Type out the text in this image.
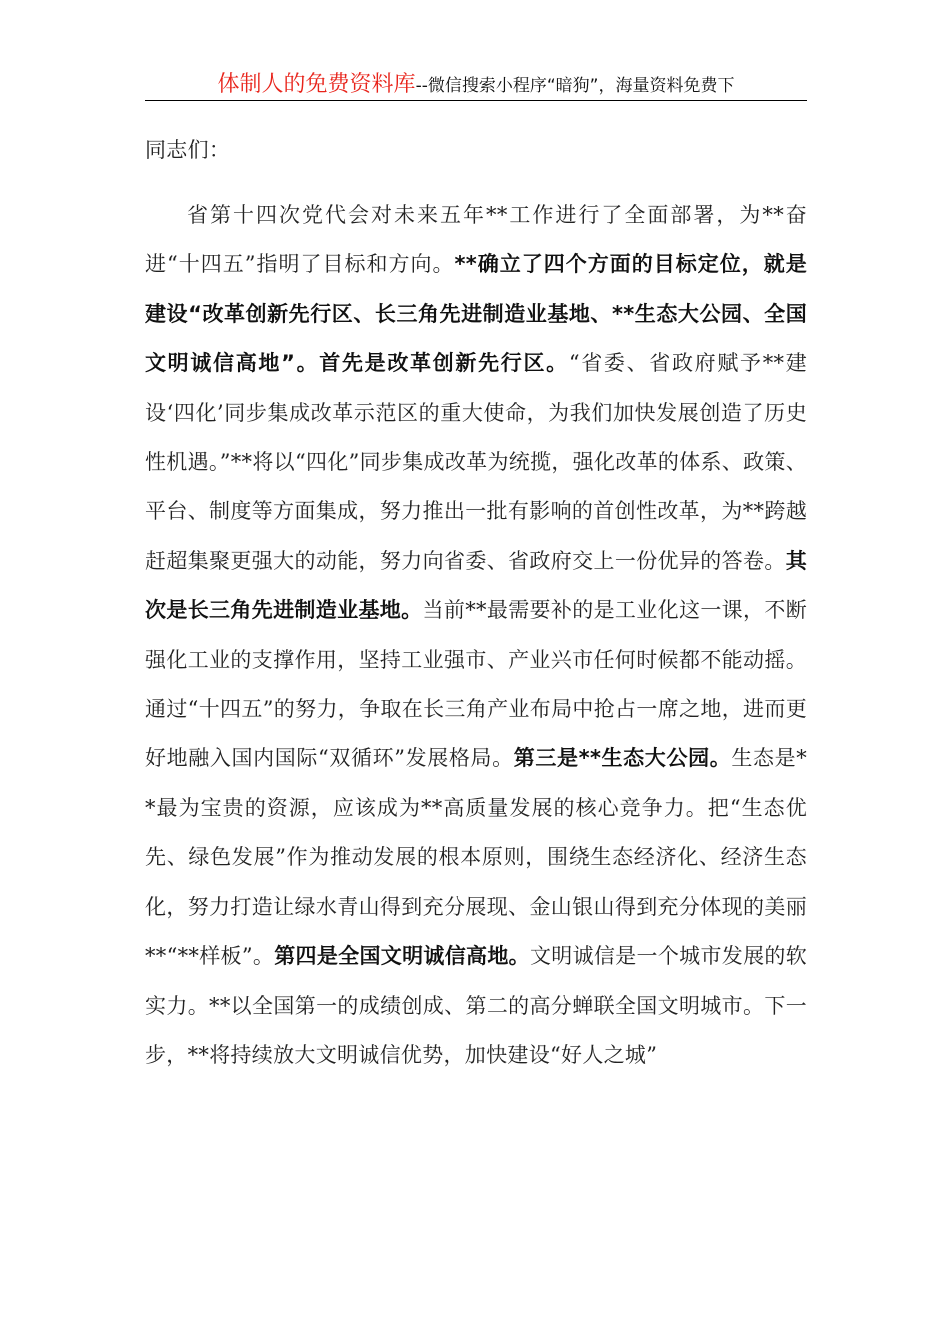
体制人的免费资料库--微信搜索小程序“暗狗”，海量资料免费下

同志们：

省第十四次党代会对未来五年**工作进行了全面部署，为**奋进“十四五”指明了目标和方向。**确立了四个方面的目标定位，就是建设“改革创新先行区、长三角先进制造业基地、**生态大公园、全国文明诚信高地”。首先是改革创新先行区。“省委、省政府赋予**建设‘四化’同步集成改革示范区的重大使命，为我们加快发展创造了历史性机遇。”**将以“四化”同步集成改革为统揽，强化改革的体系、政策、平台、制度等方面集成，努力推出一批有影响的首创性改革，为**跨越赶超集聚更强大的动能，努力向省委、省政府交上一份优异的答卷。其次是长三角先进制造业基地。当前**最需要补的是工业化这一课，不断强化工业的支撑作用，坚持工业强市、产业兴市任何时候都不能动摇。通过“十四五”的努力，争取在长三角产业布局中抢占一席之地，进而更好地融入国内国际“双循环”发展格局。第三是**生态大公园。生态是**最为宝贵的资源，应该成为**高质量发展的核心竞争力。把“生态优先、绿色发展”作为推动发展的根本原则，围绕生态经济化、经济生态化，努力打造让绿水青山得到充分展现、金山银山得到充分体现的美丽**“**样板”。第四是全国文明诚信高地。文明诚信是一个城市发展的软实力。**以全国第一的成绩创成、第二的高分蝉联全国文明城市。下一步，**将持续放大文明诚信优势，加快建设“好人之城”
